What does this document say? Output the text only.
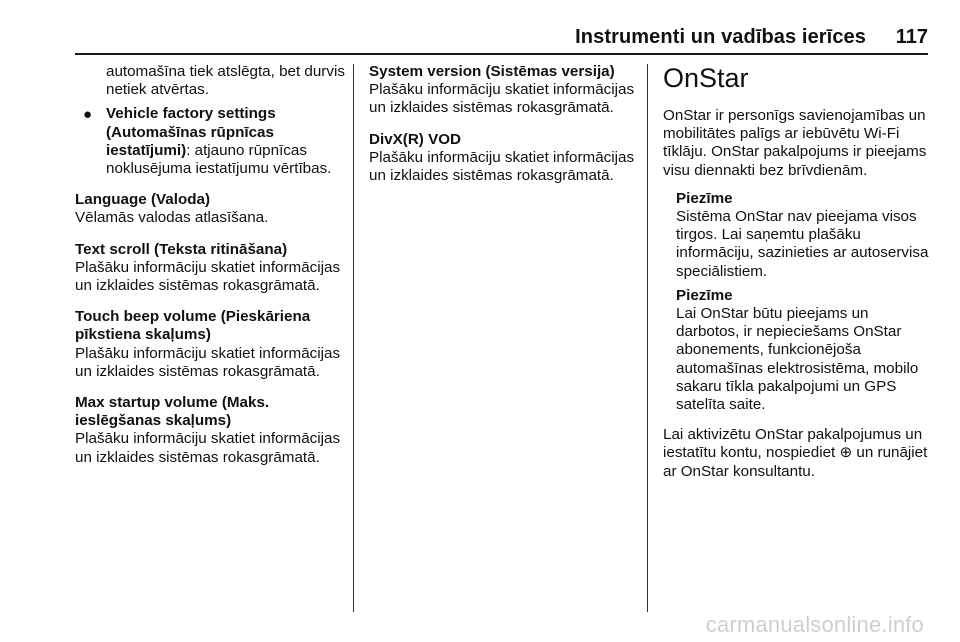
Instrumenti un vadības ierīces 117
automašīna tiek atslēgta, bet durvis netiek atvērtas.
● Vehicle factory settings (Automašīnas rūpnīcas iestatījumi): atjauno rūpnīcas noklusējuma iestatījumu vērtības.
Language (Valoda)
Vēlamās valodas atlasīšana.
Text scroll (Teksta ritināšana)
Plašāku informāciju skatiet informācijas un izklaides sistēmas rokasgrāmatā.
Touch beep volume (Pieskāriena pīkstiena skaļums)
Plašāku informāciju skatiet informācijas un izklaides sistēmas rokasgrāmatā.
Max startup volume (Maks. ieslēgšanas skaļums)
Plašāku informāciju skatiet informācijas un izklaides sistēmas rokasgrāmatā.
System version (Sistēmas versija)
Plašāku informāciju skatiet informācijas un izklaides sistēmas rokasgrāmatā.
DivX(R) VOD
Plašāku informāciju skatiet informācijas un izklaides sistēmas rokasgrāmatā.
OnStar
OnStar ir personīgs savienojamības un mobilitātes palīgs ar iebūvētu Wi-Fi tīklāju. OnStar pakalpojums ir pieejams visu diennakti bez brīvdienām.
Piezīme
Sistēma OnStar nav pieejama visos tirgos. Lai saņemtu plašāku informāciju, sazinieties ar autoservisa speciālistiem.
Piezīme
Lai OnStar būtu pieejams un darbotos, ir nepieciešams OnStar abonements, funkcionējoša automašīnas elektrosistēma, mobilo sakaru tīkla pakalpojumi un GPS satelīta saite.
Lai aktivizētu OnStar pakalpojumus un iestatītu kontu, nospiediet ⊕ un runājiet ar OnStar konsultantu.
carmanualsonline.info
